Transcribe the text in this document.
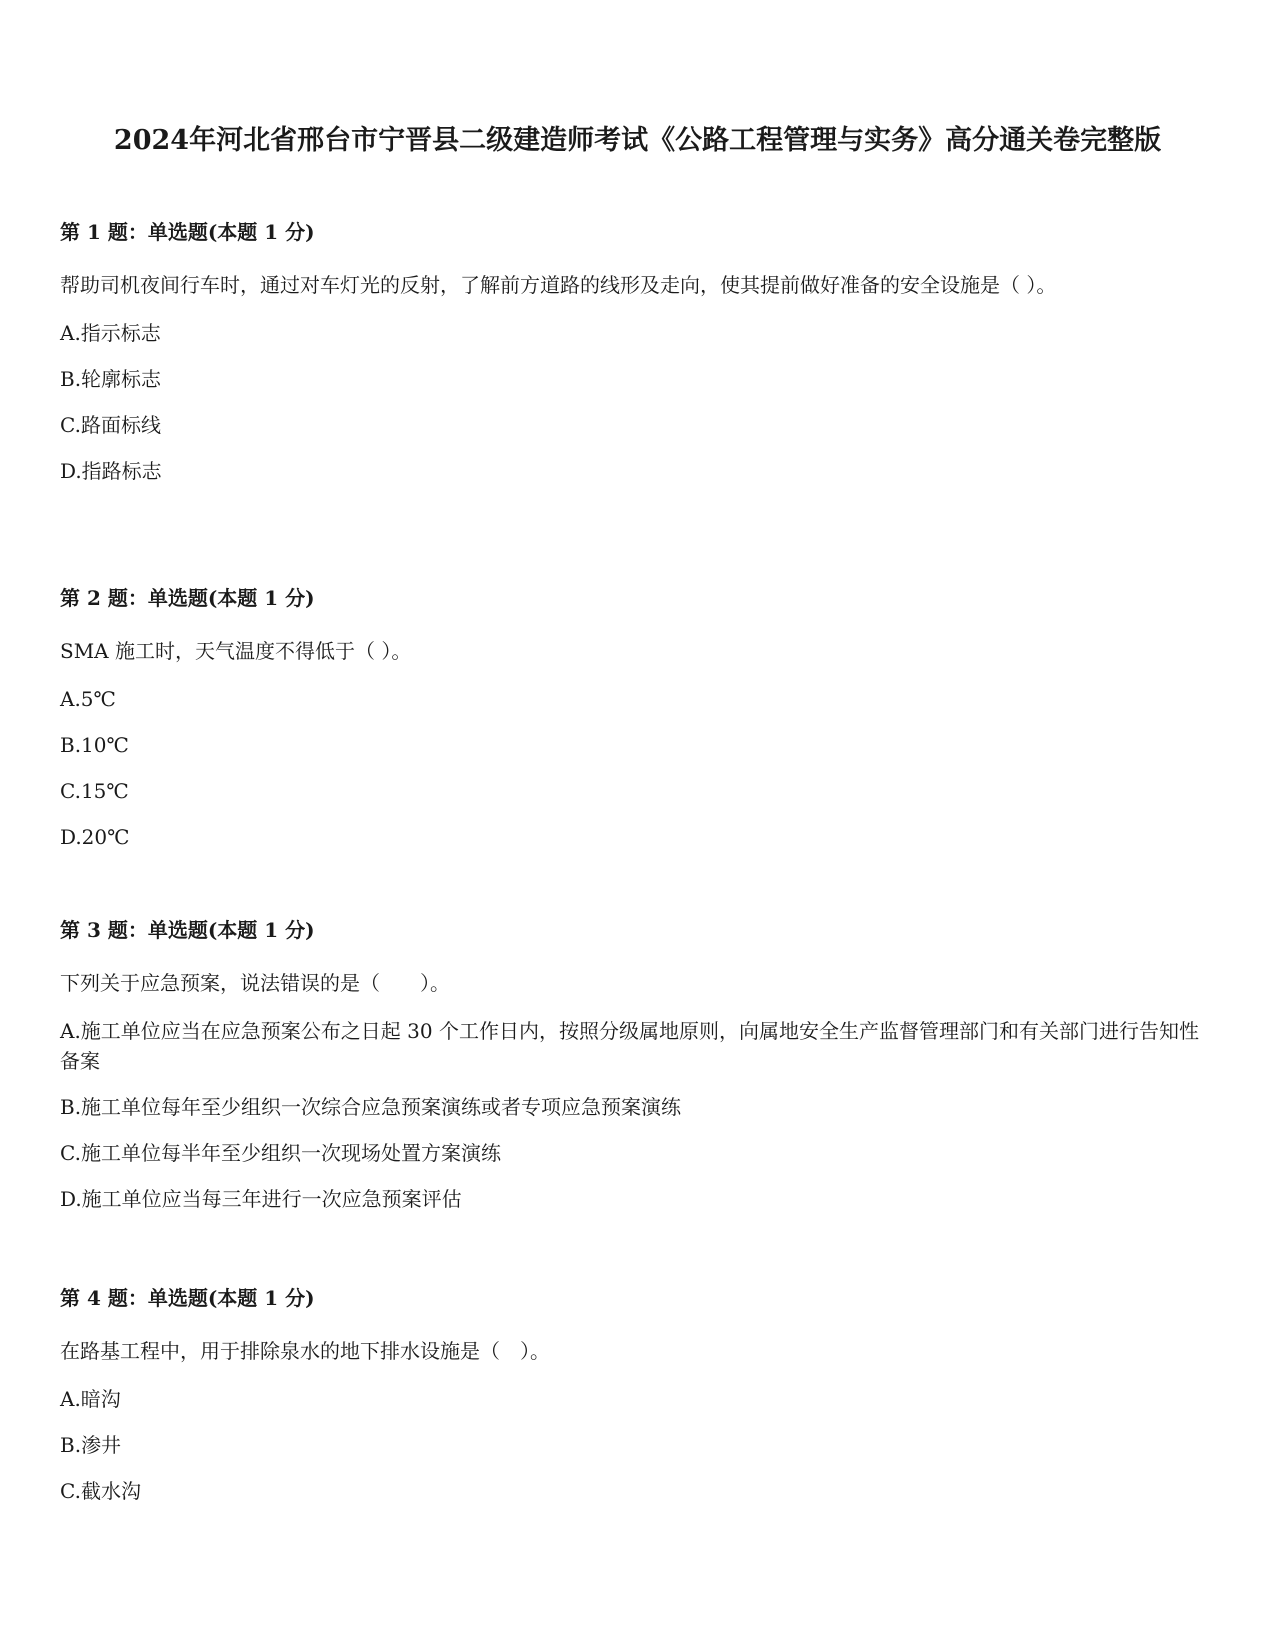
2024年河北省邢台市宁晋县二级建造师考试《公路工程管理与实务》高分通关卷完整版
第 1 题：单选题(本题 1 分)
帮助司机夜间行车时，通过对车灯光的反射，了解前方道路的线形及走向，使其提前做好准备的安全设施是（ ）。
A.指示标志
B.轮廓标志
C.路面标线
D.指路标志
第 2 题：单选题(本题 1 分)
SMA 施工时，天气温度不得低于（ ）。
A.5℃
B.10℃
C.15℃
D.20℃
第 3 题：单选题(本题 1 分)
下列关于应急预案，说法错误的是（　　）。
A.施工单位应当在应急预案公布之日起 30 个工作日内，按照分级属地原则，向属地安全生产监督管理部门和有关部门进行告知性备案
B.施工单位每年至少组织一次综合应急预案演练或者专项应急预案演练
C.施工单位每半年至少组织一次现场处置方案演练
D.施工单位应当每三年进行一次应急预案评估
第 4 题：单选题(本题 1 分)
在路基工程中，用于排除泉水的地下排水设施是（　）。
A.暗沟
B.渗井
C.截水沟
